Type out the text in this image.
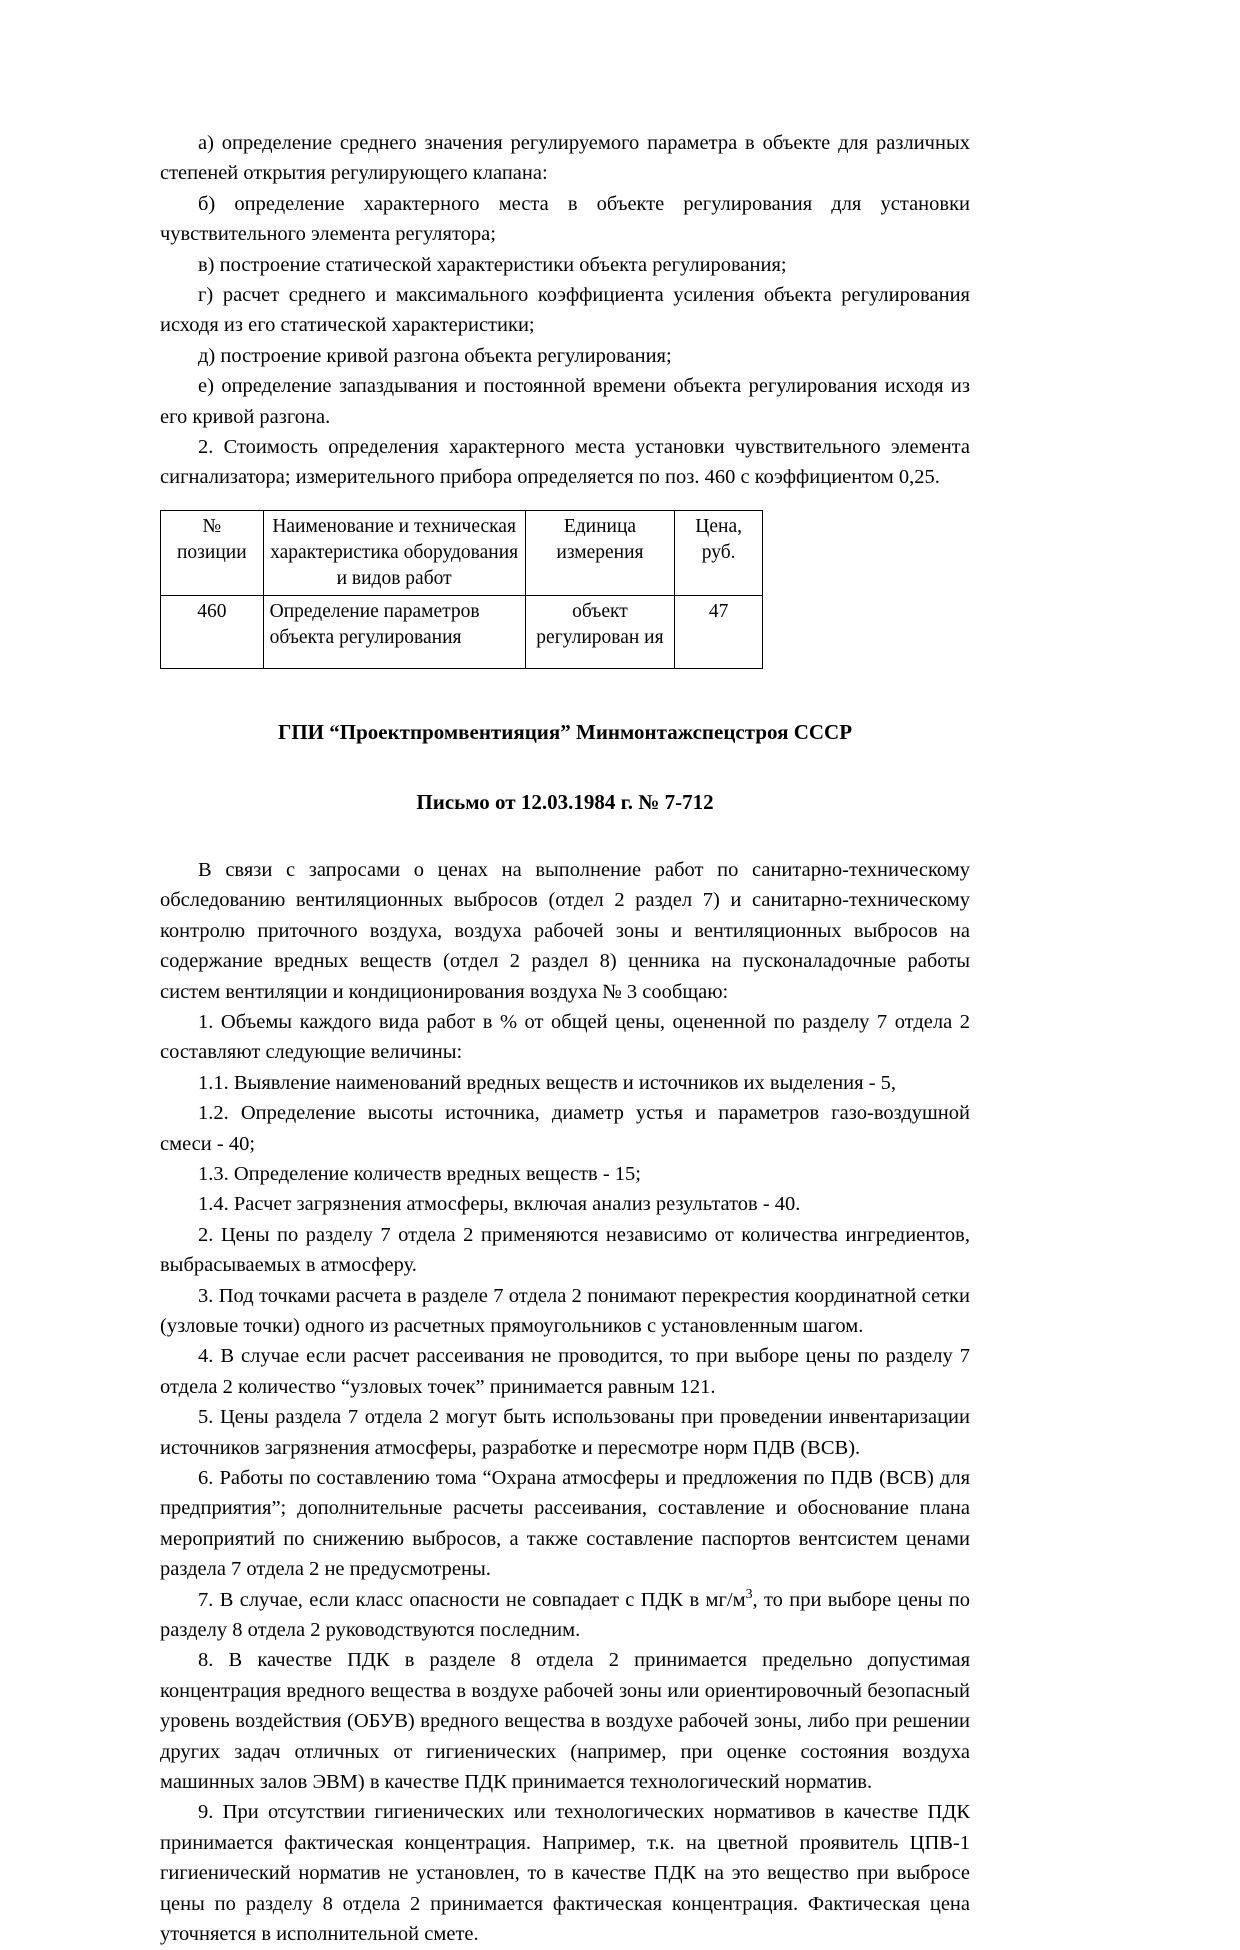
а) определение среднего значения регулируемого параметра в объекте для различных степеней открытия регулирующего клапана:

б) определение характерного места в объекте регулирования для установки чувствительного элемента регулятора;

в) построение статической характеристики объекта регулирования;

г) расчет среднего и максимального коэффициента усиления объекта регулирования исходя из его статической характеристики;

д) построение кривой разгона объекта регулирования;

е) определение запаздывания и постоянной времени объекта регулирования исходя из его кривой разгона.

2. Стоимость определения характерного места установки чувствительного элемента сигнализатора; измерительного прибора определяется по поз. 460 с коэффициентом 0,25.

№ позиции	Наименование и техническая характеристика оборудования и видов работ	Единица измерения	Цена, руб.
460	Определение параметров объекта регулирования	объект регулирован ия	47
ГПИ “Проектпромвентияция” Минмонтажспецстроя СССР
Письмо от 12.03.1984 г. № 7-712

В связи с запросами о ценах на выполнение работ по санитарно-техническому обследованию вентиляционных выбросов (отдел 2 раздел 7) и санитарно-техническому контролю приточного воздуха, воздуха рабочей зоны и вентиляционных выбросов на содержание вредных веществ (отдел 2 раздел 8) ценника на пусконаладочные работы систем вентиляции и кондиционирования воздуха № 3 сообщаю:

1. Объемы каждого вида работ в % от общей цены, оцененной по разделу 7 отдела 2 составляют следующие величины:

1.1. Выявление наименований вредных веществ и источников их выделения - 5,

1.2. Определение высоты источника, диаметр устья и параметров газо-воздушной смеси - 40;

1.3. Определение количеств вредных веществ - 15;

1.4. Расчет загрязнения атмосферы, включая анализ результатов - 40.

2. Цены по разделу 7 отдела 2 применяются независимо от количества ингредиентов, выбрасываемых в атмосферу.

3. Под точками расчета в разделе 7 отдела 2 понимают перекрестия координатной сетки (узловые точки) одного из расчетных прямоугольников с установленным шагом.

4. В случае если расчет рассеивания не проводится, то при выборе цены по разделу 7 отдела 2 количество “узловых точек” принимается равным 121.

5. Цены раздела 7 отдела 2 могут быть использованы при проведении инвентаризации источников загрязнения атмосферы, разработке и пересмотре норм ПДВ (ВСВ).

6. Работы по составлению тома “Охрана атмосферы и предложения по ПДВ (ВСВ) для предприятия”; дополнительные расчеты рассеивания, составление и обоснование плана мероприятий по снижению выбросов, а также составление паспортов вентсистем ценами раздела 7 отдела 2 не предусмотрены.

7. В случае, если класс опасности не совпадает с ПДК в $мг/м^3$, то при выборе цены по разделу 8 отдела 2 руководствуются последним.

8. В качестве ПДК в разделе 8 отдела 2 принимается предельно допустимая концентрация вредного вещества в воздухе рабочей зоны или ориентировочный безопасный уровень воздействия (ОБУВ) вредного вещества в воздухе рабочей зоны, либо при решении других задач отличных от гигиенических (например, при оценке состояния воздуха машинных залов ЭВМ) в качестве ПДК принимается технологический норматив.

9. При отсутствии гигиенических или технологических нормативов в качестве ПДК принимается фактическая концентрация. Например, т.к. на цветной проявитель ЦПВ-1 гигиенический норматив не установлен, то в качестве ПДК на это вещество при выбросе цены по разделу 8 отдела 2 принимается фактическая концентрация. Фактическая цена уточняется в исполнительной смете.
